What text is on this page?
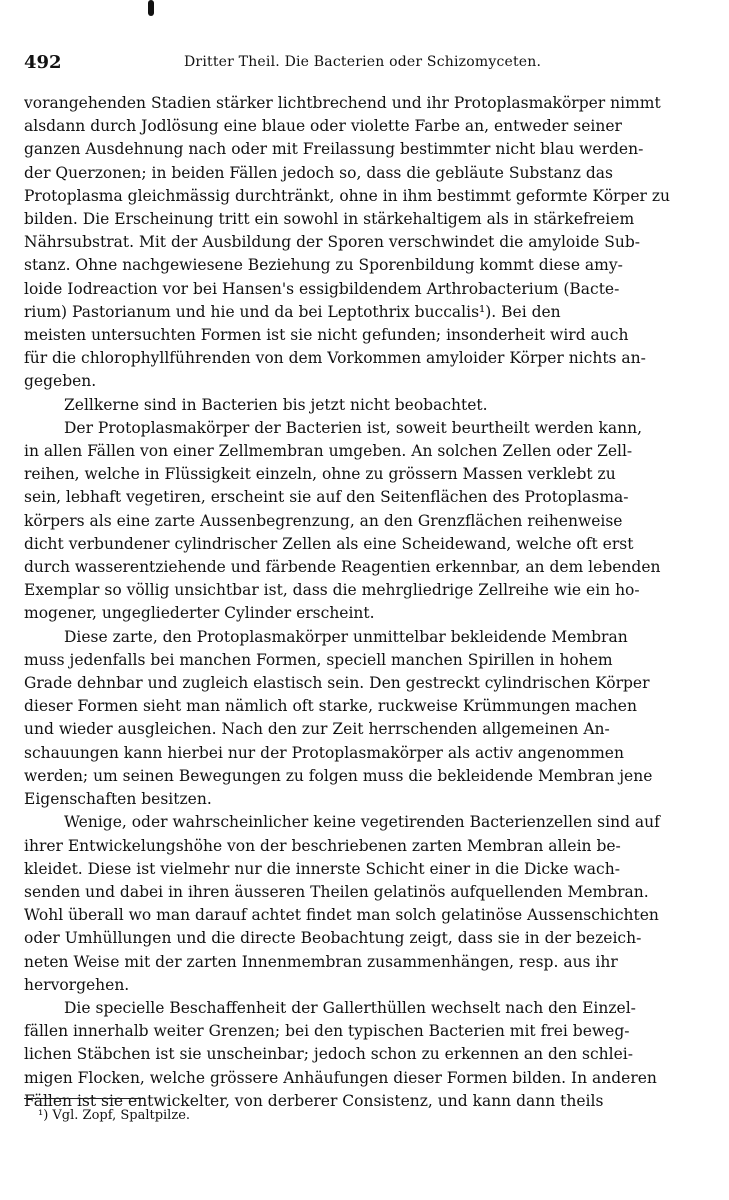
492	Dritter Theil. Die Bacterien oder Schizomyceten.
vorangehenden Stadien stärker lichtbrechend und ihr Protoplasmakörper nimmt
alsdann durch Jodlösung eine blaue oder violette Farbe an, entweder seiner
ganzen Ausdehnung nach oder mit Freilassung bestimmter nicht blau werden-
der Querzonen; in beiden Fällen jedoch so, dass die gebläute Substanz das
Protoplasma gleichmässig durchtränkt, ohne in ihm bestimmt geformte Körper zu
bilden. Die Erscheinung tritt ein sowohl in stärkehaltigem als in stärkefreiem
Nährsubstrat. Mit der Ausbildung der Sporen verschwindet die amyloide Sub-
stanz. Ohne nachgewiesene Beziehung zu Sporenbildung kommt diese amy-
loide Iodreaction vor bei Hansen's essigbildendem Arthrobacterium (Bacte-
rium) Pastorianum und hie und da bei Leptothrix buccalis¹). Bei den
meisten untersuchten Formen ist sie nicht gefunden; insonderheit wird auch
für die chlorophyllführenden von dem Vorkommen amyloider Körper nichts an-
gegeben.
Zellkerne sind in Bacterien bis jetzt nicht beobachtet.
Der Protoplasmakörper der Bacterien ist, soweit beurtheilt werden kann,
in allen Fällen von einer Zellmembran umgeben. An solchen Zellen oder Zell-
reihen, welche in Flüssigkeit einzeln, ohne zu grössern Massen verklebt zu
sein, lebhaft vegetiren, erscheint sie auf den Seitenflächen des Protoplasma-
körpers als eine zarte Aussenbegrenzung, an den Grenzflächen reihenweise
dicht verbundener cylindrischer Zellen als eine Scheidewand, welche oft erst
durch wasserentziehende und färbende Reagentien erkennbar, an dem lebenden
Exemplar so völlig unsichtbar ist, dass die mehrgliedrige Zellreihe wie ein ho-
mogener, ungegliederter Cylinder erscheint.
Diese zarte, den Protoplasmakörper unmittelbar bekleidende Membran
muss jedenfalls bei manchen Formen, speciell manchen Spirillen in hohem
Grade dehnbar und zugleich elastisch sein. Den gestreckt cylindrischen Körper
dieser Formen sieht man nämlich oft starke, ruckweise Krümmungen machen
und wieder ausgleichen. Nach den zur Zeit herrschenden allgemeinen An-
schauungen kann hierbei nur der Protoplasmakörper als activ angenommen
werden; um seinen Bewegungen zu folgen muss die bekleidende Membran jene
Eigenschaften besitzen.
Wenige, oder wahrscheinlicher keine vegetirenden Bacterienzellen sind auf
ihrer Entwickelungshöhe von der beschriebenen zarten Membran allein be-
kleidet. Diese ist vielmehr nur die innerste Schicht einer in die Dicke wach-
senden und dabei in ihren äusseren Theilen gelatinös aufquellenden Membran.
Wohl überall wo man darauf achtet findet man solch gelatinöse Aussenschichten
oder Umhüllungen und die directe Beobachtung zeigt, dass sie in der bezeich-
neten Weise mit der zarten Innenmembran zusammenhängen, resp. aus ihr
hervorgehen.
Die specielle Beschaffenheit der Gallerthüllen wechselt nach den Einzel-
fällen innerhalb weiter Grenzen; bei den typischen Bacterien mit frei beweg-
lichen Stäbchen ist sie unscheinbar; jedoch schon zu erkennen an den schlei-
migen Flocken, welche grössere Anhäufungen dieser Formen bilden. In anderen
Fällen ist sie entwickelter, von derberer Consistenz, und kann dann theils
¹) Vgl. Zopf, Spaltpilze.
